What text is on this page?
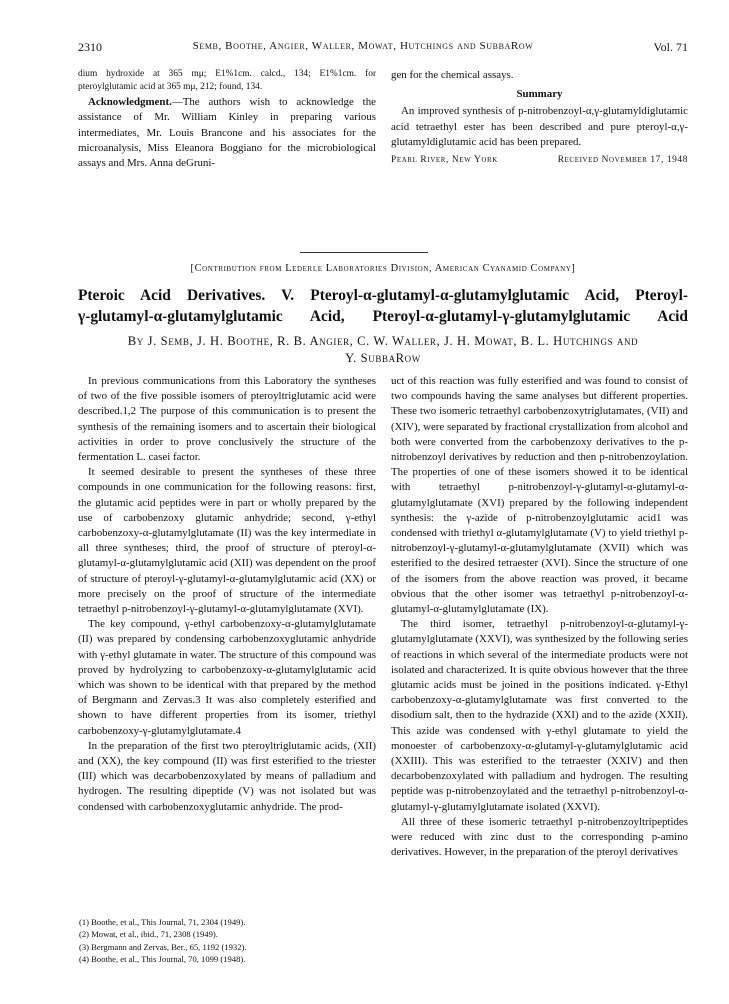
2310	Semb, Boothe, Angier, Waller, Mowat, Hutchings and SubbaRow	Vol. 71

dium hydroxide at 365 mμ; E1%1cm. calcd., 134; E1%1cm. for pteroylglutamic acid at 365 mμ, 212; found, 134.

Acknowledgment.—The authors wish to acknowledge the assistance of Mr. William Kinley in preparing various intermediates, Mr. Louis Brancone and his associates for the microanalysis, Miss Eleanora Boggiano for the microbiological assays and Mrs. Anna deGruni-

gen for the chemical assays.

Summary

An improved synthesis of p-nitrobenzoyl-α,γ-glutamyldiglutamic acid tetraethyl ester has been described and pure pteroyl-α,γ-glutamyldiglutamic acid has been prepared.

Pearl River, New York	Received November 17, 1948
[Contribution from Lederle Laboratories Division, American Cyanamid Company]
Pteroic Acid Derivatives. V. Pteroyl-α-glutamyl-α-glutamylglutamic Acid, Pteroyl-
γ-glutamyl-α-glutamylglutamic Acid, Pteroyl-α-glutamyl-γ-glutamylglutamic Acid
By J. Semb, J. H. Boothe, R. B. Angier, C. W. Waller, J. H. Mowat, B. L. Hutchings and
Y. SubbaRow

In previous communications from this Laboratory the syntheses of two of the five possible isomers of pteroyltriglutamic acid were described.1,2 The purpose of this communication is to present the synthesis of the remaining isomers and to ascertain their biological activities in order to prove conclusively the structure of the fermentation L. casei factor.

It seemed desirable to present the syntheses of these three compounds in one communication for the following reasons: first, the glutamic acid peptides were in part or wholly prepared by the use of carbobenzoxy glutamic anhydride; second, γ-ethyl carbobenzoxy-α-glutamylglutamate (II) was the key intermediate in all three syntheses; third, the proof of structure of pteroyl-α-glutamyl-α-glutamylglutamic acid (XII) was dependent on the proof of structure of pteroyl-γ-glutamyl-α-glutamylglutamic acid (XX) or more precisely on the proof of structure of the intermediate tetraethyl p-nitrobenzoyl-γ-glutamyl-α-glutamylglutamate (XVI).

The key compound, γ-ethyl carbobenzoxy-α-glutamylglutamate (II) was prepared by condensing carbobenzoxyglutamic anhydride with γ-ethyl glutamate in water. The structure of this compound was proved by hydrolyzing to carbobenzoxy-α-glutamylglutamic acid which was shown to be identical with that prepared by the method of Bergmann and Zervas.3 It was also completely esterified and shown to have different properties from its isomer, triethyl carbobenzoxy-γ-glutamylglutamate.4

In the preparation of the first two pteroyltriglutamic acids, (XII) and (XX), the key compound (II) was first esterified to the triester (III) which was decarbobenzoxylated by means of palladium and hydrogen. The resulting dipeptide (V) was not isolated but was condensed with carbobenzoxyglutamic anhydride. The prod-

(1) Boothe, et al., This Journal, 71, 2304 (1949).
(2) Mowat, et al., ibid., 71, 2308 (1949).
(3) Bergmann and Zervas, Ber., 65, 1192 (1932).
(4) Boothe, et al., This Journal, 70, 1099 (1948).

uct of this reaction was fully esterified and was found to consist of two compounds having the same analyses but different properties. These two isomeric tetraethyl carbobenzoxytriglutamates, (VII) and (XIV), were separated by fractional crystallization from alcohol and both were converted from the carbobenzoxy derivatives to the p-nitrobenzoyl derivatives by reduction and then p-nitrobenzoylation. The properties of one of these isomers showed it to be identical with tetraethyl p-nitrobenzoyl-γ-glutamyl-α-glutamyl-α-glutamylglutamate (XVI) prepared by the following independent synthesis: the γ-azide of p-nitrobenzoylglutamic acid1 was condensed with triethyl α-glutamylglutamate (V) to yield triethyl p-nitrobenzoyl-γ-glutamyl-α-glutamylglutamate (XVII) which was esterified to the desired tetraester (XVI). Since the structure of one of the isomers from the above reaction was proved, it became obvious that the other isomer was tetraethyl p-nitrobenzoyl-α-glutamyl-α-glutamylglutamate (IX).

The third isomer, tetraethyl p-nitrobenzoyl-α-glutamyl-γ-glutamylglutamate (XXVI), was synthesized by the following series of reactions in which several of the intermediate products were not isolated and characterized. It is quite obvious however that the three glutamic acids must be joined in the positions indicated. γ-Ethyl carbobenzoxy-α-glutamylglutamate was first converted to the disodium salt, then to the hydrazide (XXI) and to the azide (XXII). This azide was condensed with γ-ethyl glutamate to yield the monoester of carbobenzoxy-α-glutamyl-γ-glutamylglutamic acid (XXIII). This was esterified to the tetraester (XXIV) and then decarbobenzoxylated with palladium and hydrogen. The resulting peptide was p-nitrobenzoylated and the tetraethyl p-nitrobenzoyl-α-glutamyl-γ-glutamylglutamate isolated (XXVI).

All three of these isomeric tetraethyl p-nitrobenzoyltripeptides were reduced with zinc dust to the corresponding p-amino derivatives. However, in the preparation of the pteroyl derivatives
